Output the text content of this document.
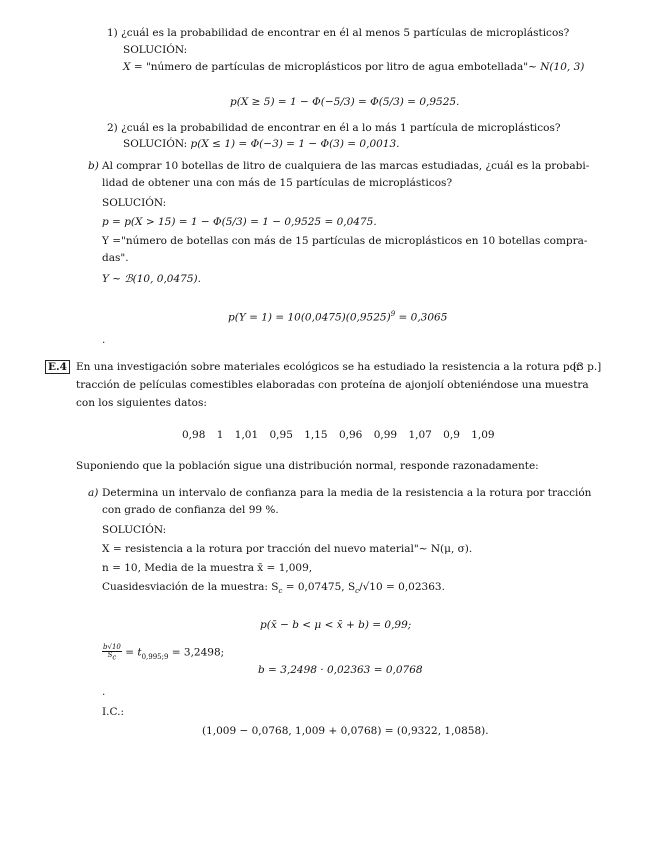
1) ¿cuál es la probabilidad de encontrar en él al menos 5 partículas de microplásticos?
SOLUCIÓN:
X = "número de partículas de microplásticos por litro de agua embotellada"∼ N(10, 3)
p(X ≥ 5) = 1 − Φ(−5/3) = Φ(5/3) = 0,9525.
2) ¿cuál es la probabilidad de encontrar en él a lo más 1 partícula de microplásticos?
SOLUCIÓN: p(X ≤ 1) = Φ(−3) = 1 − Φ(3) = 0,0013.
b) Al comprar 10 botellas de litro de cualquiera de las marcas estudiadas, ¿cuál es la probabi-
lidad de obtener una con más de 15 partículas de microplásticos?
SOLUCIÓN:
p = p(X > 15) = 1 − Φ(5/3) = 1 − 0,9525 = 0,0475.
Y ="número de botellas con más de 15 partículas de microplásticos en 10 botellas compra-
das".
Y ∼ ℬ(10, 0,0475).
$p(Y = 1) = 10(0,0475)(0,9525)^9 = 0,3065$
.
E.4 En una investigación sobre materiales ecológicos se ha estudiado la resistencia a la rotura por
[3 p.]
tracción de películas comestibles elaboradas con proteína de ajonjolí obteniéndose una muestra
con los siguientes datos:
0,98 1 1,01 0,95 1,15 0,96 0,99 1,07 0,9 1,09
Suponiendo que la población sigue una distribución normal, responde razonadamente:
a) Determina un intervalo de confianza para la media de la resistencia a la rotura por tracción
con grado de confianza del 99 %.
SOLUCIÓN:
X = resistencia a la rotura por tracción del nuevo material"∼ N(μ, σ).
n = 10, Media de la muestra x̄ = 1,009,
Cuasidesviación de la muestra: $S_c = 0,07475$, $S_c/√10 = 0,02363$.
p(x̄ − b < μ < x̄ + b) = 0,99;
$\frac{b√10}{S_c} = t_{0,995;9} = 3,2498$;
b = 3,2498 · 0,02363 = 0,0768
.
I.C.:
(1,009 − 0,0768, 1,009 + 0,0768) = (0,9322, 1,0858).
